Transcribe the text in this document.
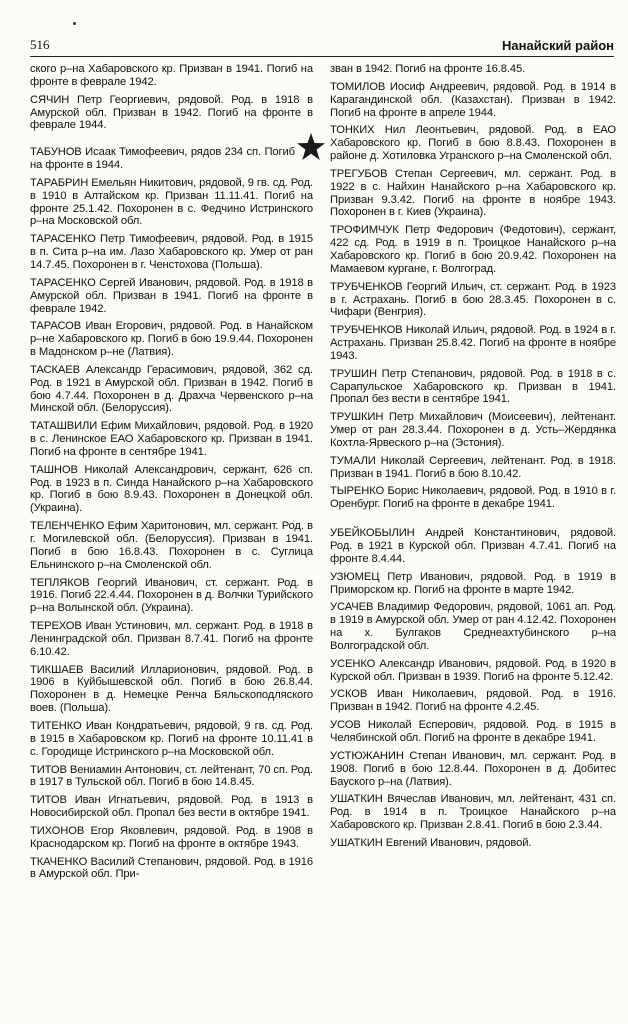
516	Нанайский район

ского р–на Хабаровского кр. Призван в 1941. Погиб на фронте в феврале 1942.

СЯЧИН Петр Георгиевич, рядовой. Род. в 1918 в Амурской обл. Призван в 1942. Погиб на фронте в феврале 1944.

ТАБУНОВ Исаак Тимофеевич, рядов 234 сп. Погиб на фронте в 1944.

ТАРАБРИН Емельян Никитович, рядовой, 9 гв. сд. Род. в 1910 в Алтайском кр. Призван 11.11.41. Погиб на фронте 25.1.42. Похоронен в с. Федчино Истринского р–на Московской обл.

ТАРАСЕНКО Петр Тимофеевич, рядовой. Род. в 1915 в п. Сита р–на им. Лазо Хабаровского кр. Умер от ран 14.7.45. Похоронен в г. Ченстохова (Польша).

ТАРАСЕНКО Сергей Иванович, рядовой. Род. в 1918 в Амурской обл. Призван в 1941. Погиб на фронте в феврале 1942.

ТАРАСОВ Иван Егорович, рядовой. Род. в Нанайском р–не Хабаровского кр. Погиб в бою 19.9.44. Похоронен в Мадонском р–не (Латвия).

ТАСКАЕВ Александр Герасимович, рядовой, 362 сд. Род. в 1921 в Амурской обл. Призван в 1942. Погиб в бою 4.7.44. Похоронен в д. Драхча Червенского р–на Минской обл. (Белоруссия).

ТАТАШВИЛИ Ефим Михайлович, рядовой. Род. в 1920 в с. Ленинское ЕАО Хабаровского кр. Призван в 1941. Погиб на фронте в сентябре 1941.

ТАШНОВ Николай Александрович, сержант, 626 сп. Род. в 1923 в п. Синда Нанайского р–на Хабаровского кр. Погиб в бою 8.9.43. Похоронен в Донецкой обл. (Украина).

ТЕЛЕНЧЕНКО Ефим Харитонович, мл. сержант. Род. в г. Могилевской обл. (Белоруссия). Призван в 1941. Погиб в бою 16.8.43. Похоронен в с. Суглица Ельнинского р–на Смоленской обл.

ТЕПЛЯКОВ Георгий Иванович, ст. сержант. Род. в 1916. Погиб 22.4.44. Похоронен в д. Волчки Турийского р–на Волынской обл. (Украина).

ТЕРЕХОВ Иван Устинович, мл. сержант. Род. в 1918 в Ленинградской обл. Призван 8.7.41. Погиб на фронте 6.10.42.

ТИКШАЕВ Василий Илларионович, рядовой. Род. в 1906 в Куйбышевской обл. Погиб в бою 26.8.44. Похоронен в д. Немецке Ренча Бяльскоподляского воев. (Польша).

ТИТЕНКО Иван Кондратьевич, рядовой, 9 гв. сд. Род. в 1915 в Хабаровском кр. Погиб на фронте 10.11.41 в с. Городище Истринского р–на Московской обл.

ТИТОВ Вениамин Антонович, ст. лейтенант, 70 сп. Род. в 1917 в Тульской обл. Погиб в бою 14.8.45.

ТИТОВ Иван Игнатьевич, рядовой. Род. в 1913 в Новосибирской обл. Пропал без вести в октябре 1941.

ТИХОНОВ Егор Яковлевич, рядовой. Род. в 1908 в Краснодарском кр. Погиб на фронте в октябре 1943.

ТКАЧЕНКО Василий Степанович, рядовой. Род. в 1916 в Амурской обл. При-

зван в 1942. Погиб на фронте 16.8.45.

ТОМИЛОВ Иосиф Андреевич, рядовой. Род. в 1914 в Карагандинской обл. (Казахстан). Призван в 1942. Погиб на фронте в апреле 1944.

ТОНКИХ Нил Леонтьевич, рядовой. Род. в ЕАО Хабаровского кр. Погиб в бою 8.8.43. Похоронен в районе д. Хотиловка Угранского р–на Смоленской обл.

ТРЕГУБОВ Степан Сергеевич, мл. сержант. Род. в 1922 в с. Найхин Нанайского р–на Хабаровского кр. Призван 9.3.42. Погиб на фронте в ноябре 1943. Похоронен в г. Киев (Украина).

ТРОФИМЧУК Петр Федорович (Федотович), сержант, 422 сд. Род. в 1919 в п. Троицкое Нанайского р–на Хабаровского кр. Погиб в бою 20.9.42. Похоронен на Мамаевом кургане, г. Волгоград.

ТРУБЧЕНКОВ Георгий Ильич, ст. сержант. Род. в 1923 в г. Астрахань. Погиб в бою 28.3.45. Похоронен в с. Чифари (Венгрия).

ТРУБЧЕНКОВ Николай Ильич, рядовой. Род. в 1924 в г. Астрахань. Призван 25.8.42. Погиб на фронте в ноябре 1943.

ТРУШИН Петр Степанович, рядовой. Род. в 1918 в с. Сарапульское Хабаровского кр. Призван в 1941. Пропал без вести в сентябре 1941.

ТРУШКИН Петр Михайлович (Моисеевич), лейтенант. Умер от ран 28.3.44. Похоронен в д. Усть–Жердянка Кохтла-Ярвеского р–на (Эстония).

ТУМАЛИ Николай Сергеевич, лейтенант. Род. в 1918. Призван в 1941. Погиб в бою 8.10.42.

ТЫРЕНКО Борис Николаевич, рядовой. Род. в 1910 в г. Оренбург. Погиб на фронте в декабре 1941.

УБЕЙКОБЫЛИН Андрей Константинович, рядовой. Род. в 1921 в Курской обл. Призван 4.7.41. Погиб на фронте 8.4.44.

УЗЮМЕЦ Петр Иванович, рядовой. Род. в 1919 в Приморском кр. Погиб на фронте в марте 1942.

УСАЧЕВ Владимир Федорович, рядовой, 1061 ап. Род. в 1919 в Амурской обл. Умер от ран 4.12.42. Похоронен на х. Булгаков Среднеахтубинского р–на Волгоградской обл.

УСЕНКО Александр Иванович, рядовой. Род. в 1920 в Курской обл. Призван в 1939. Погиб на фронте 5.12.42.

УСКОВ Иван Николаевич, рядовой. Род. в 1916. Призван в 1942. Погиб на фронте 4.2.45.

УСОВ Николай Есперович, рядовой. Род. в 1915 в Челябинской обл. Погиб на фронте в декабре 1941.

УСТЮЖАНИН Степан Иванович, мл. сержант. Род. в 1908. Погиб в бою 12.8.44. Похоронен в д. Добитес Бауского р–на (Латвия).

УШАТКИН Вячеслав Иванович, мл. лейтенант, 431 сп. Род. в 1914 в п. Троицкое Нанайского р–на Хабаровского кр. Призван 2.8.41. Погиб в бою 2.3.44.

УШАТКИН Евгений Иванович, рядовой.
